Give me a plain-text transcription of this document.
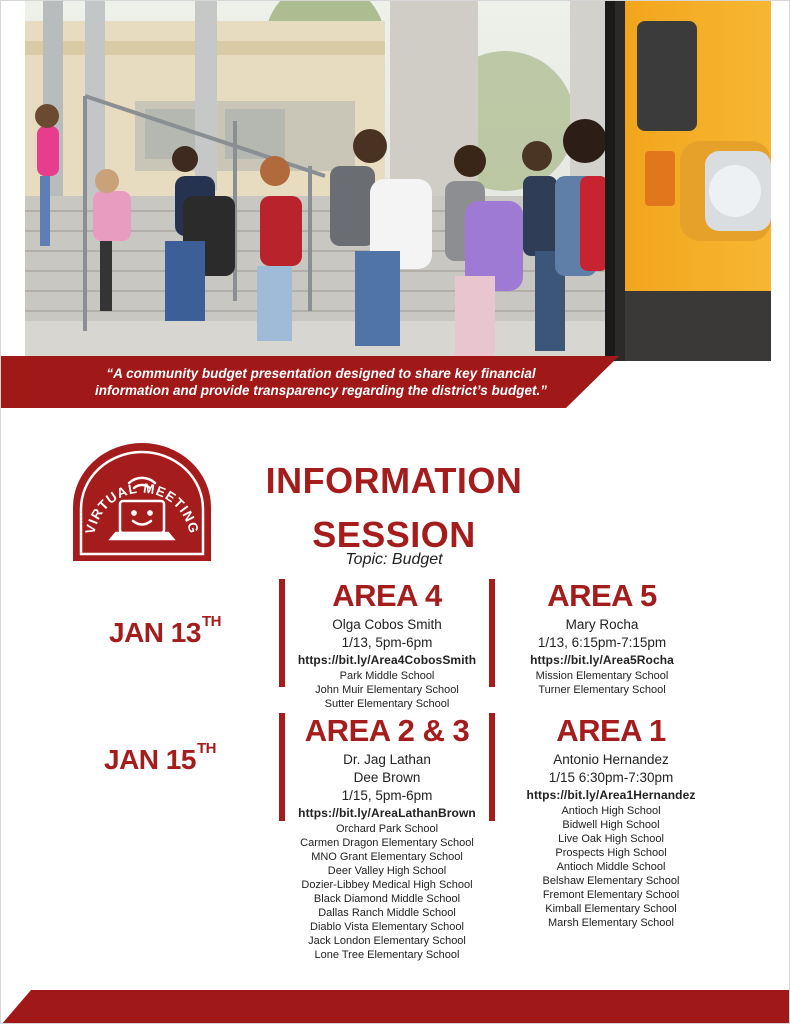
“A community budget presentation designed to share key financial
information and provide transparency regarding the district’s budget.”
VIRTUAL MEETING
INFORMATION
SESSION
Topic: Budget
JAN 13TH
JAN 15TH
AREA 4
Olga Cobos Smith
1/13, 5pm-6pm
https://bit.ly/Area4CobosSmith
Park Middle School
John Muir Elementary School
Sutter Elementary School
AREA 5
Mary Rocha
1/13, 6:15pm-7:15pm
https://bit.ly/Area5Rocha
Mission Elementary School
Turner Elementary School
AREA 2 & 3
Dr. Jag Lathan
Dee Brown
1/15, 5pm-6pm
https://bit.ly/AreaLathanBrown
Orchard Park School
Carmen Dragon Elementary School
MNO Grant Elementary School
Deer Valley High School
Dozier-Libbey Medical High School
Black Diamond Middle School
Dallas Ranch Middle School
Diablo Vista Elementary School
Jack London Elementary School
Lone Tree Elementary School
AREA 1
Antonio Hernandez
1/15 6:30pm-7:30pm
https://bit.ly/Area1Hernandez
Antioch High School
Bidwell High School
Live Oak High School
Prospects High School
Antioch Middle School
Belshaw Elementary School
Fremont Elementary School
Kimball Elementary School
Marsh Elementary School
